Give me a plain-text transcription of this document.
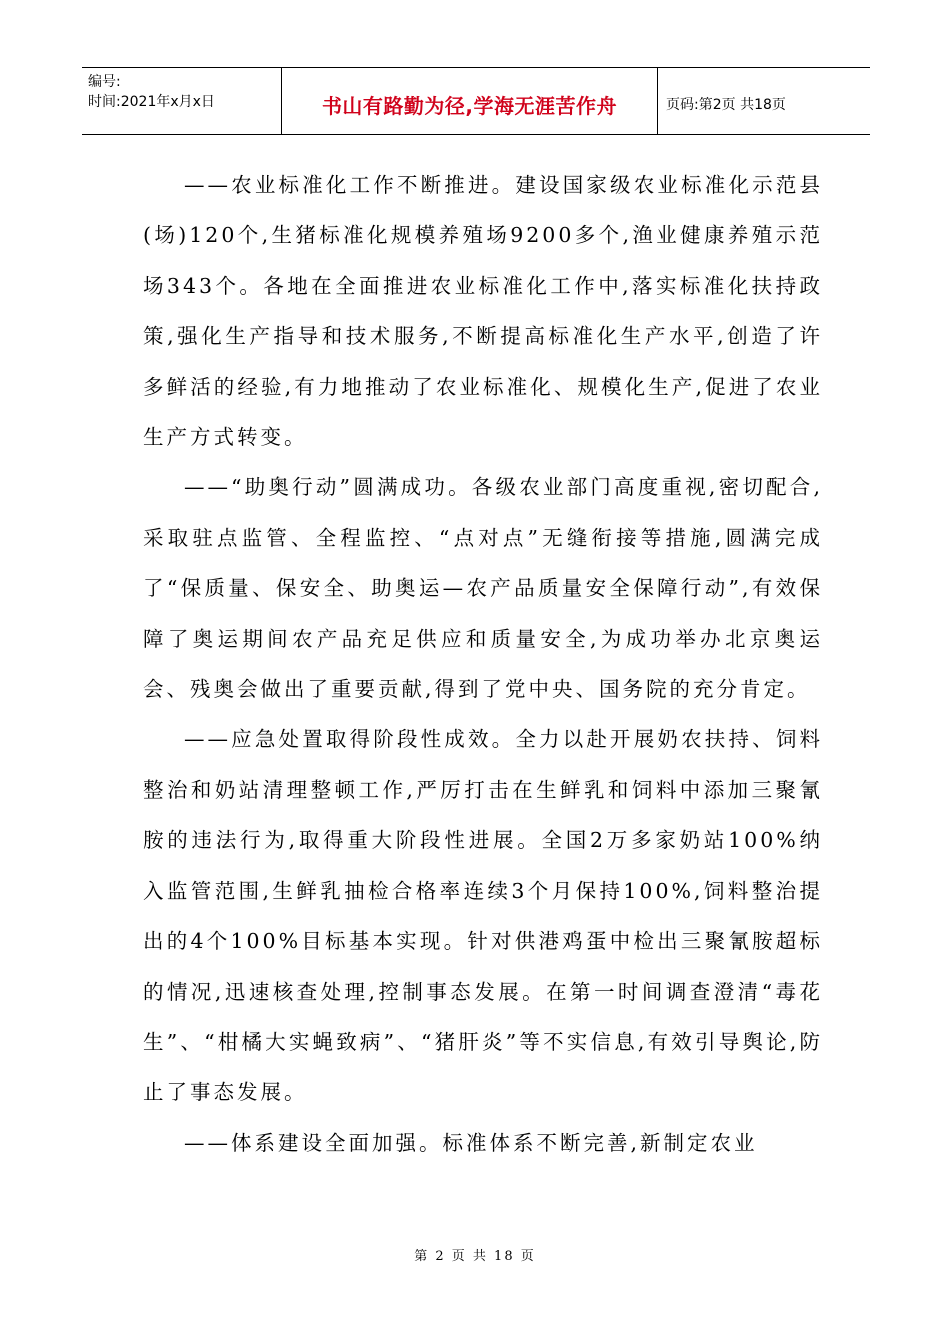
编号:
时间:2021年x月x日	书山有路勤为径,学海无涯苦作舟	页码:第2页 共18页

——农业标准化工作不断推进。建设国家级农业标准化示范县(场)120个,生猪标准化规模养殖场9200多个,渔业健康养殖示范场343个。各地在全面推进农业标准化工作中,落实标准化扶持政策,强化生产指导和技术服务,不断提高标准化生产水平,创造了许多鲜活的经验,有力地推动了农业标准化、规模化生产,促进了农业生产方式转变。

——“助奥行动”圆满成功。各级农业部门高度重视,密切配合,采取驻点监管、全程监控、“点对点”无缝衔接等措施,圆满完成了“保质量、保安全、助奥运—农产品质量安全保障行动”,有效保障了奥运期间农产品充足供应和质量安全,为成功举办北京奥运会、残奥会做出了重要贡献,得到了党中央、国务院的充分肯定。

——应急处置取得阶段性成效。全力以赴开展奶农扶持、饲料整治和奶站清理整顿工作,严厉打击在生鲜乳和饲料中添加三聚氰胺的违法行为,取得重大阶段性进展。全国2万多家奶站100%纳入监管范围,生鲜乳抽检合格率连续3个月保持100%,饲料整治提出的4个100%目标基本实现。针对供港鸡蛋中检出三聚氰胺超标的情况,迅速核查处理,控制事态发展。在第一时间调查澄清“毒花生”、“柑橘大实蝇致病”、“猪肝炎”等不实信息,有效引导舆论,防止了事态发展。

——体系建设全面加强。标准体系不断完善,新制定农业

第 2 页 共 18 页
